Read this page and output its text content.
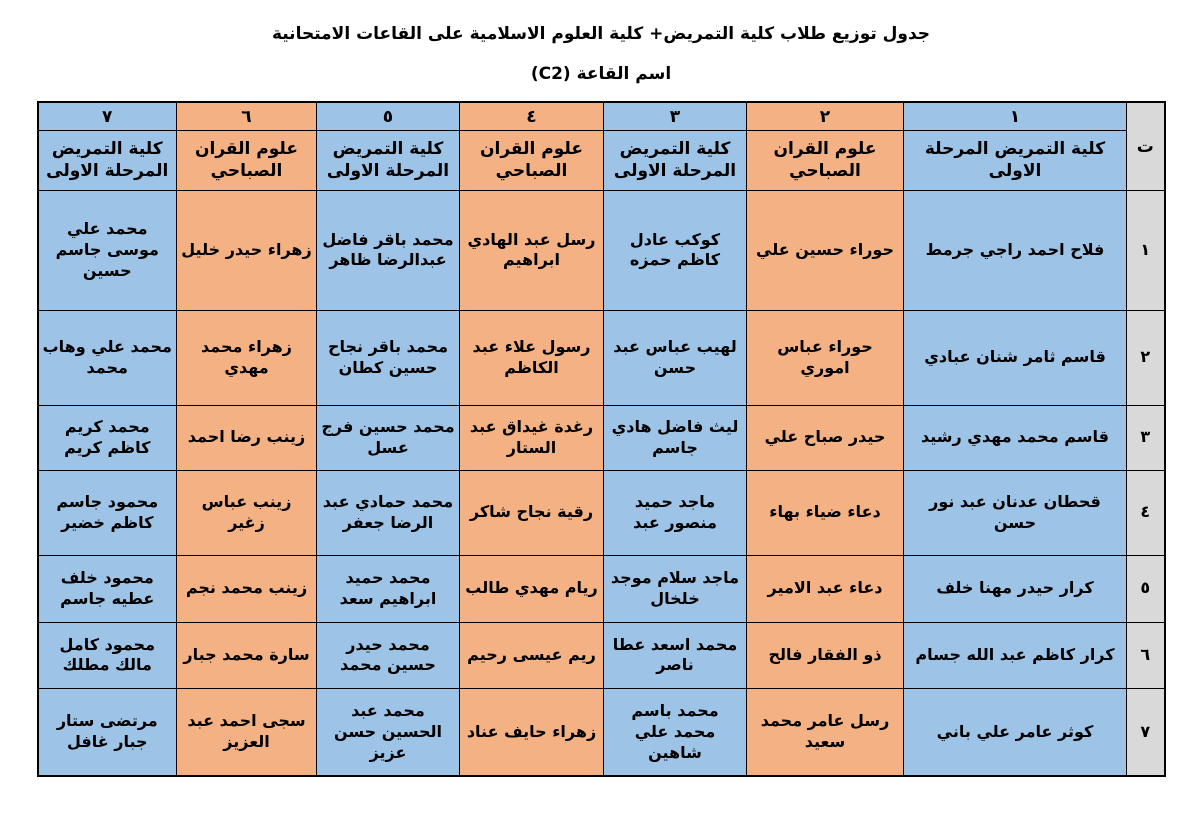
جدول توزيع طلاب كلية التمريض+ كلية العلوم الاسلامية على القاعات الامتحانية
اسم القاعة (C2)
ت	١	٢	٣	٤	٥	٦	٧
	كلية التمريض المرحلة الاولى	علوم القران الصباحي	كلية التمريض المرحلة الاولى	علوم القران الصباحي	كلية التمريض المرحلة الاولى	علوم القران الصباحي	كلية التمريض المرحلة الاولى
١	فلاح احمد راجي جرمط	حوراء حسين علي	كوكب عادل كاظم حمزه	رسل عبد الهادي ابراهيم	محمد باقر فاضل عبدالرضا ظاهر	زهراء حيدر خليل	محمد علي موسى جاسم حسين
٢	قاسم ثامر شنان عبادي	حوراء عباس اموري	لهيب عباس عبد حسن	رسول علاء عبد الكاظم	محمد باقر نجاح حسين كطان	زهراء محمد مهدي	محمد علي وهاب محمد
٣	قاسم محمد مهدي رشيد	حيدر صباح علي	ليث فاضل هادي جاسم	رغدة غيداق عبد الستار	محمد حسين فرج عسل	زينب رضا احمد	محمد كريم كاظم كريم
٤	قحطان عدنان عبد نور حسن	دعاء ضياء بهاء	ماجد حميد منصور عبد	رقية نجاح شاكر	محمد حمادي عبد الرضا جعفر	زينب عباس زغير	محمود جاسم كاظم خضير
٥	كرار حيدر مهنا خلف	دعاء عبد الامير	ماجد سلام موجد خلخال	ريام مهدي طالب	محمد حميد ابراهيم سعد	زينب محمد نجم	محمود خلف عطيه جاسم
٦	كرار كاظم عبد الله جسام	ذو الفقار فالح	محمد اسعد عطا ناصر	ريم عيسى رحيم	محمد حيدر حسين محمد	سارة محمد جبار	محمود كامل مالك مطلك
٧	كوثر عامر علي باني	رسل عامر محمد سعيد	محمد باسم محمد علي شاهين	زهراء حايف عناد	محمد عبد الحسين حسن عزيز	سجى احمد عبد العزيز	مرتضى ستار جبار غافل
